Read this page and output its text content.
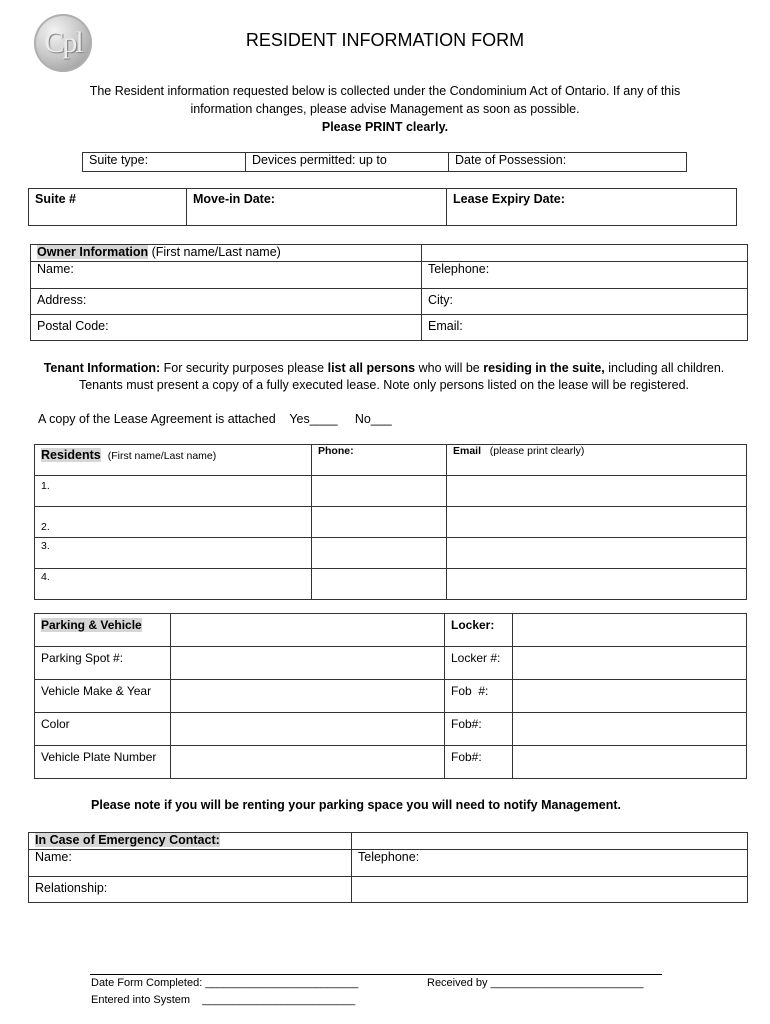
Cpl	RESIDENT INFORMATION FORM
The Resident information requested below is collected under the Condominium Act of Ontario. If any of this
information changes, please advise Management as soon as possible.
Please PRINT clearly.
Suite type:	Devices permitted: up to	Date of Possession:
Suite #	Move-in Date:	Lease Expiry Date:
Owner Information (First name/Last name)	
Name:	Telephone:
Address:	City:
Postal Code:	Email:
Tenant Information: For security purposes please list all persons who will be residing in the suite, including all children. Tenants must present a copy of a fully executed lease. Note only persons listed on the lease will be registered.
A copy of the Lease Agreement is attached    Yes____     No___
Residents (First name/Last name)	Phone:	Email (please print clearly)
1.		
2.		
3.		
4.		
Parking & Vehicle		Locker:	
Parking Spot #:		Locker #:	
Vehicle Make & Year		Fob  #:	
Color		Fob#:	
Vehicle Plate Number		Fob#:	
Please note if you will be renting your parking space you will need to notify Management.
In Case of Emergency Contact:	
Name:	Telephone:
Relationship:	
Date Form Completed: _________________________	Received by _________________________
Entered into System    _________________________
